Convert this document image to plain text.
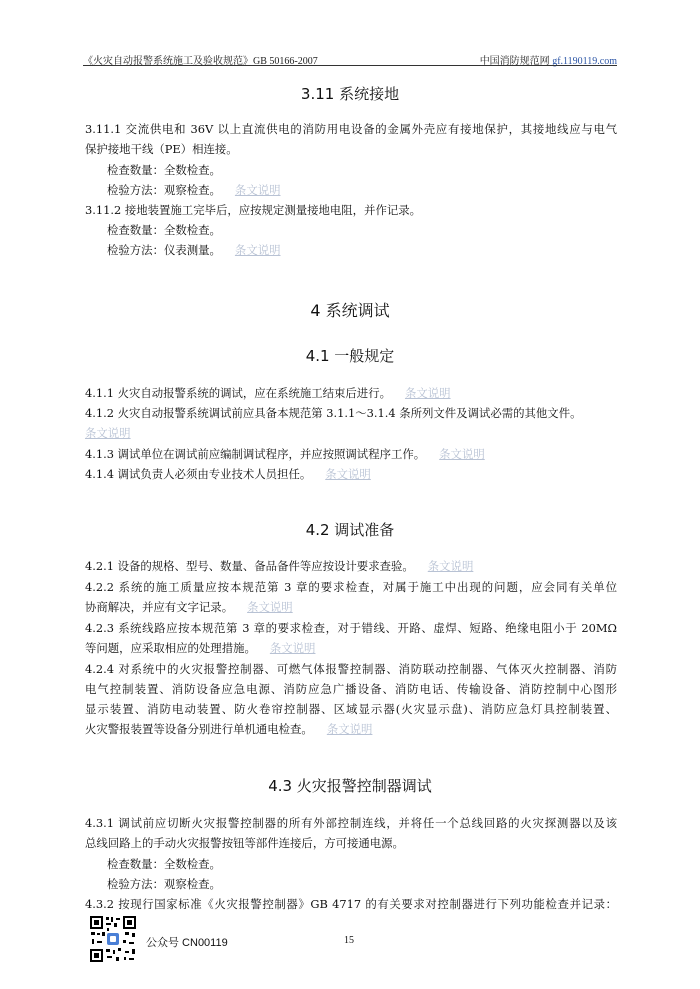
《火灾自动报警系统施工及验收规范》GB 50166-2007	中国消防规范网 gf.1190119.com
3.11 系统接地
3.11.1 交流供电和 36V 以上直流供电的消防用电设备的金属外壳应有接地保护，其接地线应与电气
保护接地干线（PE）相连接。
检查数量：全数检查。
检验方法：观察检查。 条文说明
3.11.2 接地装置施工完毕后，应按规定测量接地电阻，并作记录。
检查数量：全数检查。
检验方法：仪表测量。 条文说明
4 系统调试
4.1 一般规定
4.1.1 火灾自动报警系统的调试，应在系统施工结束后进行。 条文说明
4.1.2 火灾自动报警系统调试前应具备本规范第 3.1.1～3.1.4 条所列文件及调试必需的其他文件。
条文说明
4.1.3 调试单位在调试前应编制调试程序，并应按照调试程序工作。 条文说明
4.1.4 调试负责人必须由专业技术人员担任。 条文说明
4.2 调试准备
4.2.1 设备的规格、型号、数量、备品备件等应按设计要求查验。 条文说明
4.2.2 系统的施工质量应按本规范第 3 章的要求检查，对属于施工中出现的问题，应会同有关单位
协商解决，并应有文字记录。 条文说明
4.2.3 系统线路应按本规范第 3 章的要求检查，对于错线、开路、虚焊、短路、绝缘电阻小于 20MΩ
等问题，应采取相应的处理措施。 条文说明
4.2.4 对系统中的火灾报警控制器、可燃气体报警控制器、消防联动控制器、气体灭火控制器、消防
电气控制装置、消防设备应急电源、消防应急广播设备、消防电话、传输设备、消防控制中心图形
显示装置、消防电动装置、防火卷帘控制器、区域显示器(火灾显示盘)、消防应急灯具控制装置、
火灾警报装置等设备分别进行单机通电检查。 条文说明
4.3 火灾报警控制器调试
4.3.1 调试前应切断火灾报警控制器的所有外部控制连线，并将任一个总线回路的火灾探测器以及该
总线回路上的手动火灾报警按钮等部件连接后，方可接通电源。
检查数量：全数检查。
检验方法：观察检查。
4.3.2 按现行国家标准《火灾报警控制器》GB 4717 的有关要求对控制器进行下列功能检查并记录：
公众号 CN00119	15
